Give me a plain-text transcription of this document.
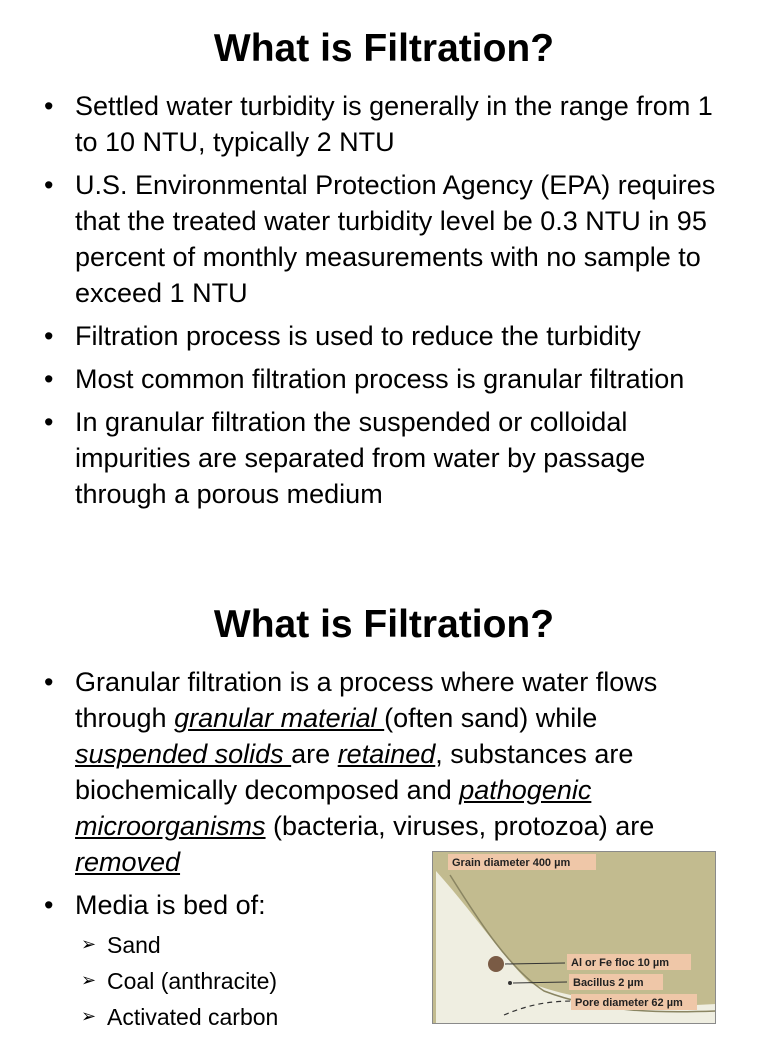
What is Filtration?
• Settled water turbidity is generally in the range from 1 to 10 NTU, typically 2 NTU
• U.S. Environmental Protection Agency (EPA) requires that the treated water turbidity level be 0.3 NTU in 95 percent of monthly measurements with no sample to exceed 1 NTU
• Filtration process is used to reduce the turbidity
• Most common filtration process is granular filtration
• In granular filtration the suspended or colloidal impurities are separated from water by passage through a porous medium
What is Filtration?
• Granular filtration is a process where water flows through granular material (often sand) while suspended solids are retained, substances are biochemically decomposed and pathogenic microorganisms (bacteria, viruses, protozoa) are removed
• Media is bed of:
➢ Sand
➢ Coal (anthracite)
➢ Activated carbon
Grain diameter 400 µm
Al or Fe floc 10 µm
Bacillus 2 µm
Pore diameter 62 µm
